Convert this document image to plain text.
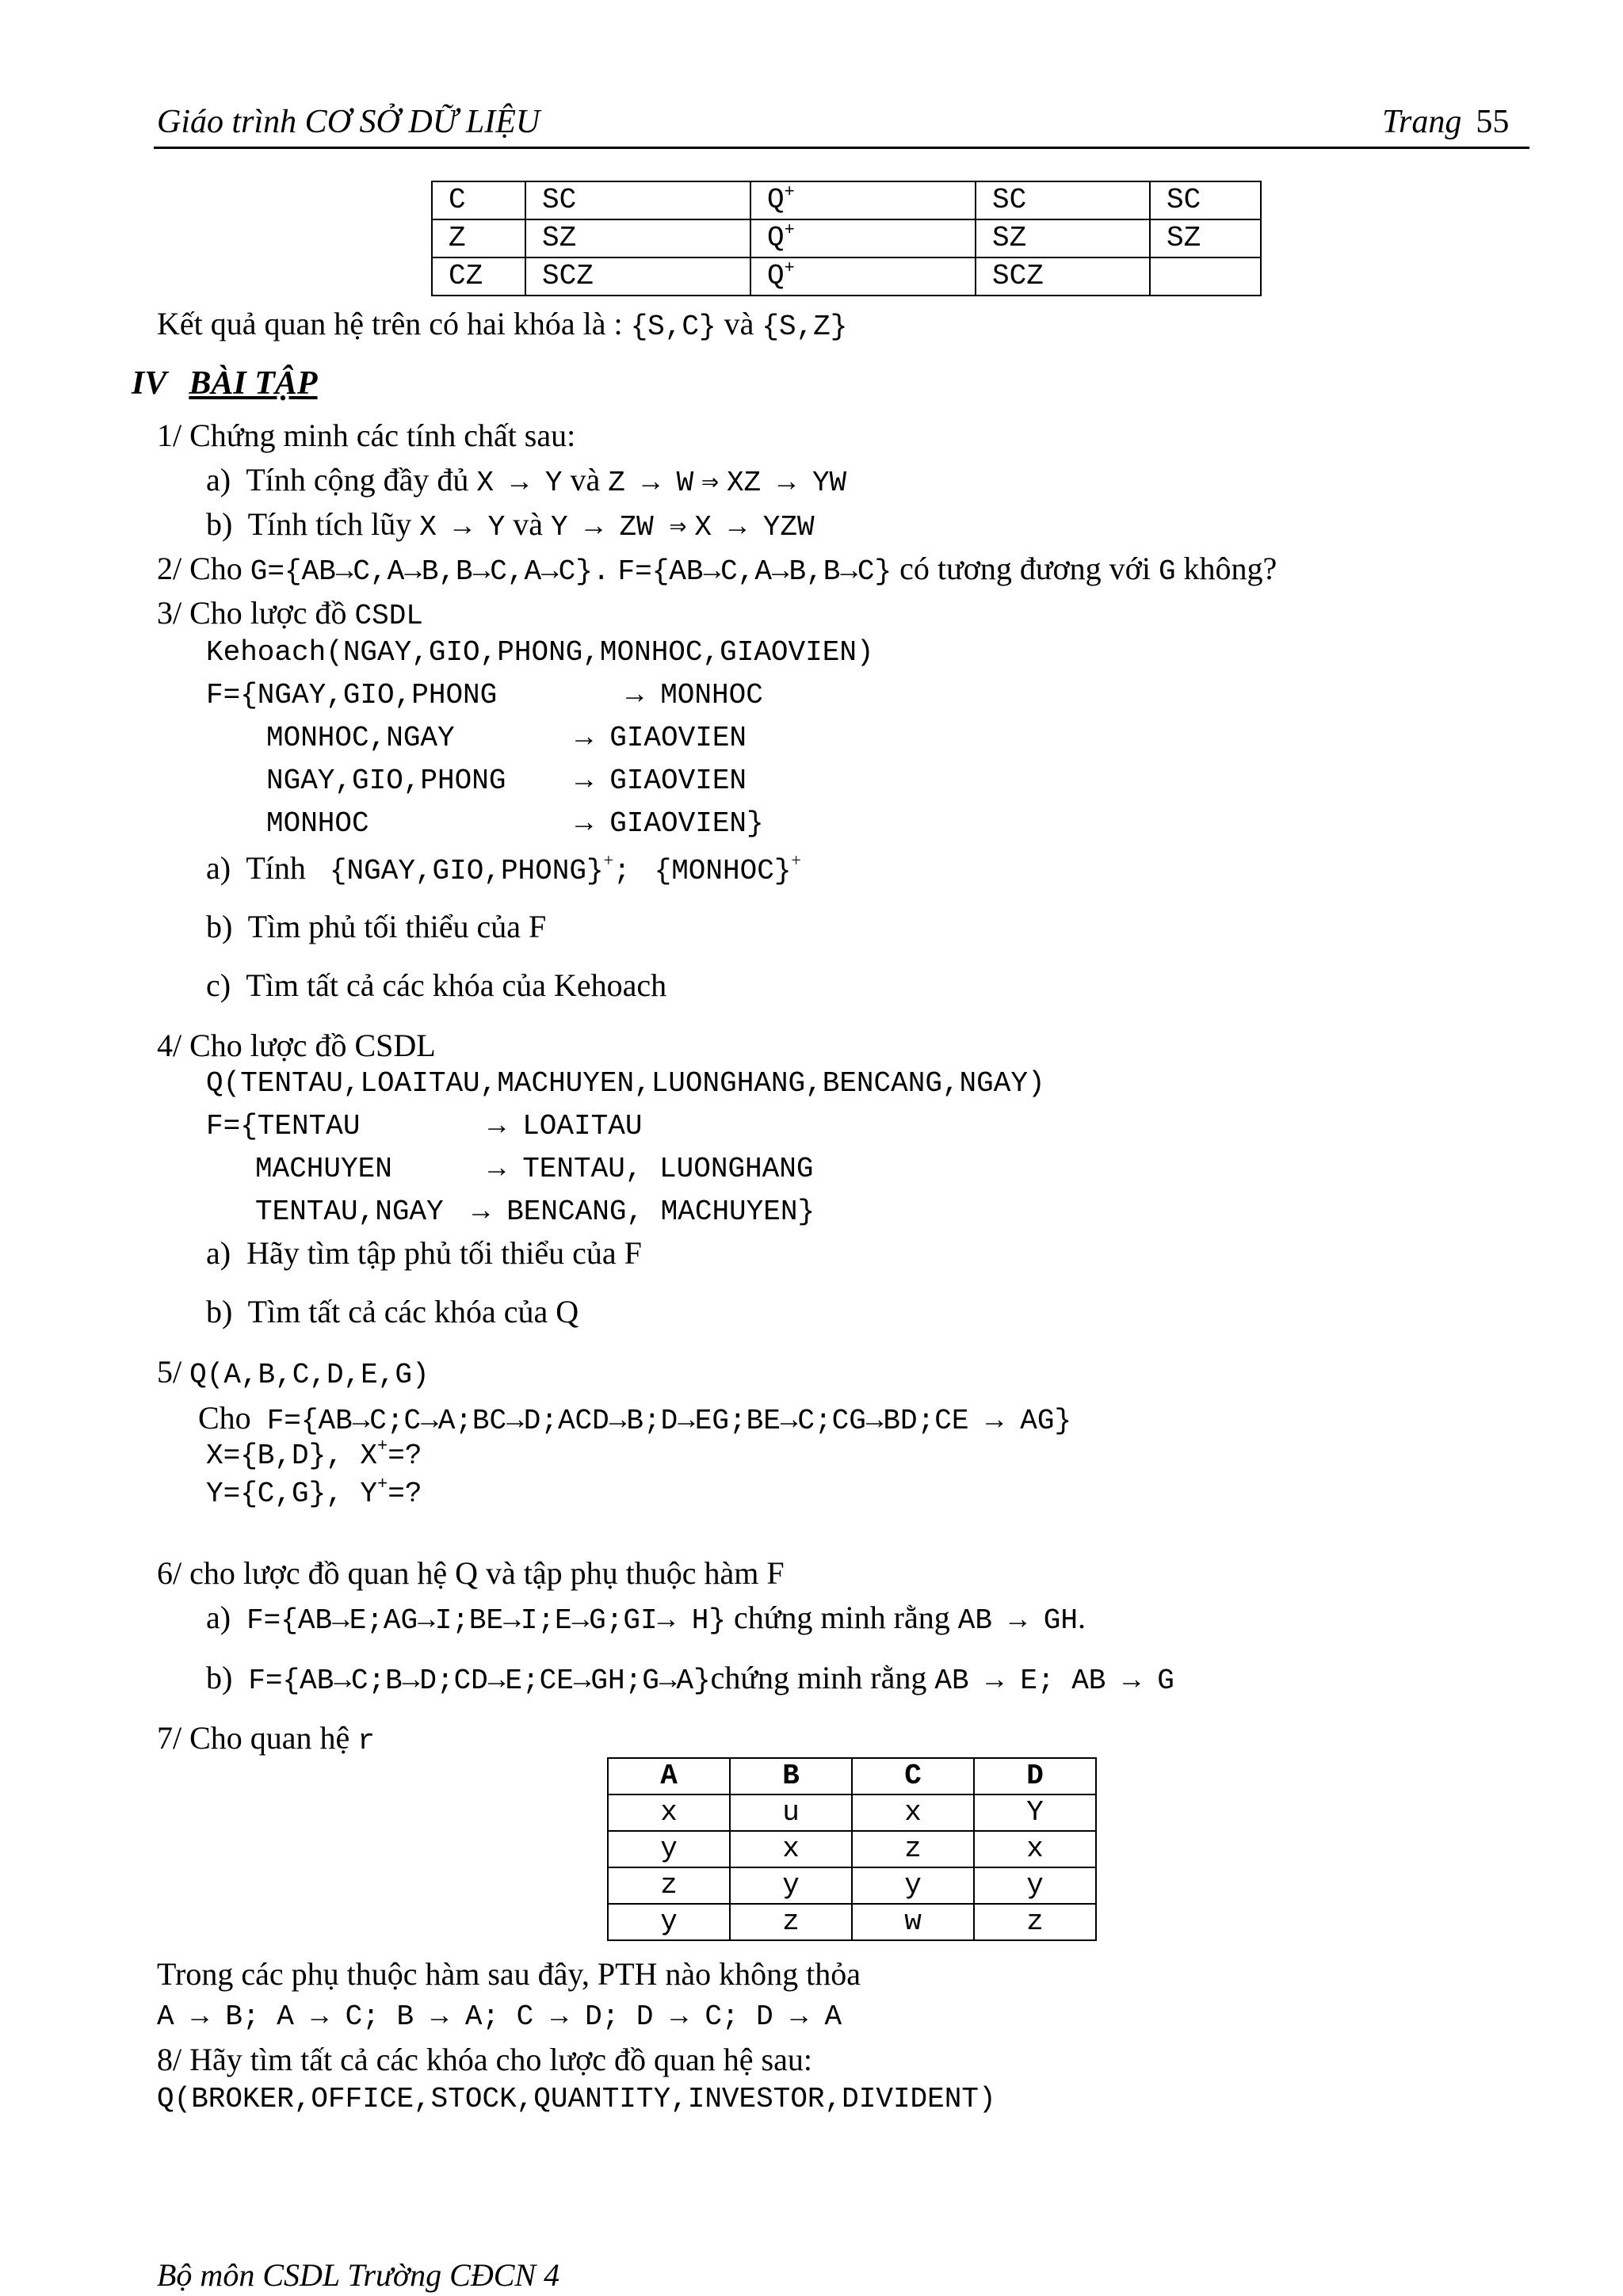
Giáo trình CƠ SỞ DỮ LIỆU	Trang 55
C	SC	Q+	SC	SC
Z	SZ	Q+	SZ	SZ
CZ	SCZ	Q+	SCZ	
Kết quả quan hệ trên có hai khóa là : {S,C} và {S,Z}
IV BÀI TẬP
1/ Chứng minh các tính chất sau:
a) Tính cộng đầy đủ X → Y và Z → W ⇒ XZ → YW
b) Tính tích lũy X → Y và Y → ZW ⇒ X → YZW
2/ Cho G={AB→C,A→B,B→C,A→C}. F={AB→C,A→B,B→C} có tương đương với G không?
3/ Cho lược đồ CSDL
Kehoach(NGAY,GIO,PHONG,MONHOC,GIAOVIEN)
F={NGAY,GIO,PHONG	→ MONHOC
MONHOC,NGAY	→ GIAOVIEN
NGAY,GIO,PHONG → GIAOVIEN
MONHOC	→ GIAOVIEN}
a) Tính {NGAY,GIO,PHONG}+; {MONHOC}+
b) Tìm phủ tối thiểu của F
c) Tìm tất cả các khóa của Kehoach
4/ Cho lược đồ CSDL
Q(TENTAU,LOAITAU,MACHUYEN,LUONGHANG,BENCANG,NGAY)
F={TENTAU	→ LOAITAU
MACHUYEN	→ TENTAU, LUONGHANG
TENTAU,NGAY → BENCANG, MACHUYEN}
a) Hãy tìm tập phủ tối thiểu của F
b) Tìm tất cả các khóa của Q
5/ Q(A,B,C,D,E,G)
Cho F={AB→C;C→A;BC→D;ACD→B;D→EG;BE→C;CG→BD;CE → AG}
X={B,D}, X+=?
Y={C,G}, Y+=?
6/ cho lược đồ quan hệ Q và tập phụ thuộc hàm F
a) F={AB→E;AG→I;BE→I;E→G;GI→ H} chứng minh rằng AB → GH.
b) F={AB→C;B→D;CD→E;CE→GH;G→A}chứng minh rằng AB → E; AB → G
7/ Cho quan hệ r
A	B	C	D
x	u	x	Y
y	x	z	x
z	y	y	y
y	z	w	z
Trong các phụ thuộc hàm sau đây, PTH nào không thỏa
A → B; A → C; B → A; C → D; D → C; D → A
8/ Hãy tìm tất cả các khóa cho lược đồ quan hệ sau:
Q(BROKER,OFFICE,STOCK,QUANTITY,INVESTOR,DIVIDENT)
Bộ môn CSDL Trường CĐCN 4
